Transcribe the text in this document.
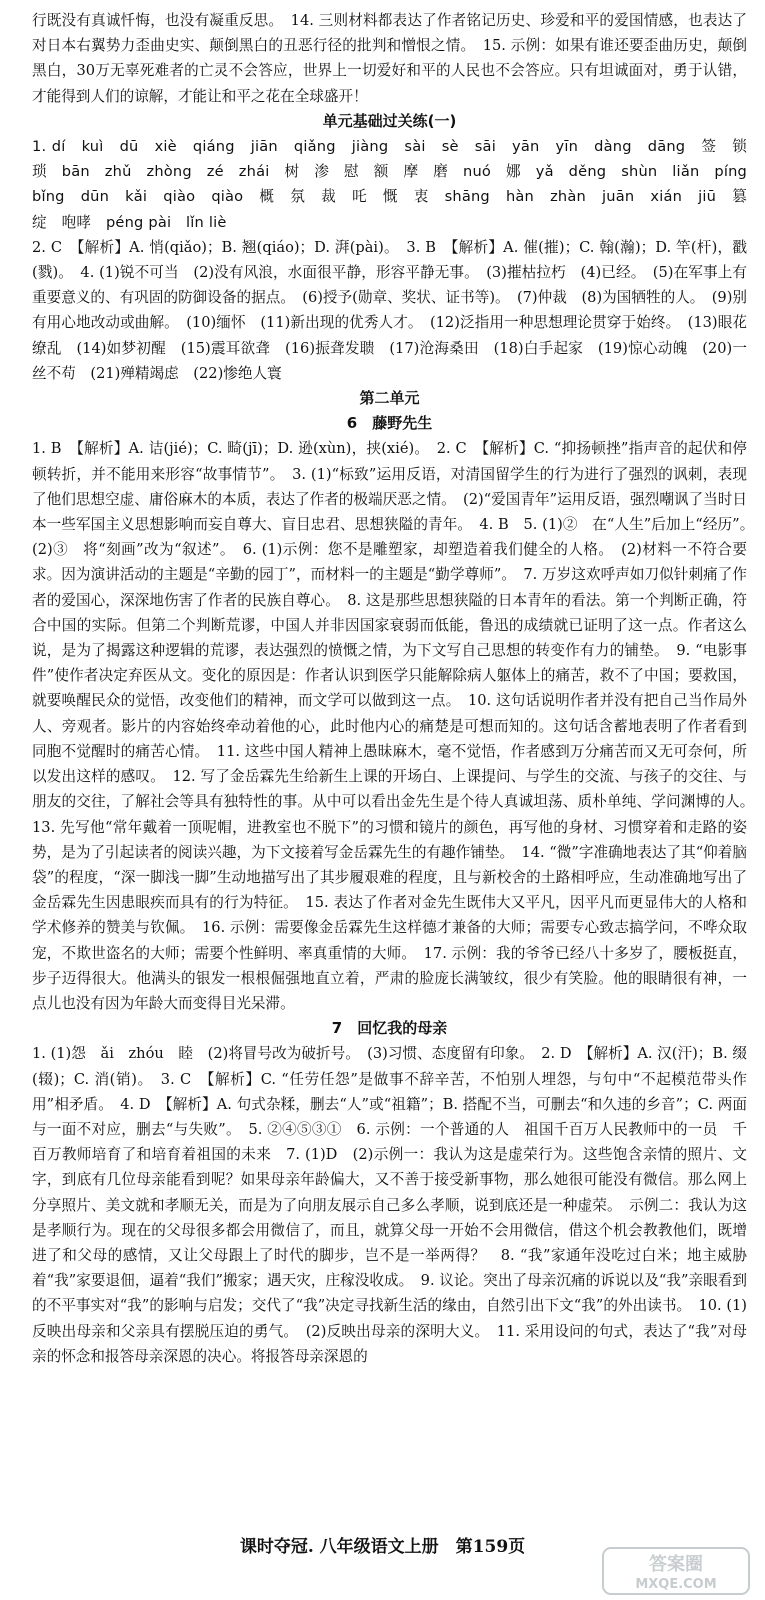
行既没有真诚忏悔，也没有凝重反思。　14. 三则材料都表达了作者铭记历史、珍爱和平的爱国情感，也表达了对日本右翼势力歪曲史实、颠倒黑白的丑恶行径的批判和憎恨之情。　15. 示例：如果有谁还要歪曲历史，颠倒黑白，30万无辜死难者的亡灵不会答应，世界上一切爱好和平的人民也不会答应。只有坦诚面对，勇于认错，才能得到人们的谅解，才能让和平之花在全球盛开！
单元基础过关练(一)
1. dí　kuì　dū　xiè　qiáng　jiān　qiǎng　jiàng　sài　sè　sāi　yān　yīn　dàng　dāng　签　锁　琐　bān　zhǔ　zhòng　zé　zhái　树　渗　慰　额　摩　磨　nuó　娜　yǎ　děng　shùn　liǎn　píng　bǐng　dūn　kǎi　qiào　qiào　概　氛　裁　吒　慨　衷　shāng　hàn　zhàn　juān　xián　jiū　篡　绽　咆哮　péng pài　lǐn liè
2. C　【解析】A. 悄(qiǎo)；B. 翘(qiáo)；D. 湃(pài)。　3. B　【解析】A. 催(摧)；C. 翰(瀚)；D. 竿(杆)，戳(戮)。　4. (1)锐不可当　(2)没有风浪，水面很平静，形容平静无事。　(3)摧枯拉朽　(4)已经。　(5)在军事上有重要意义的、有巩固的防御设备的据点。　(6)授予(勋章、奖状、证书等)。　(7)仲裁　(8)为国牺牲的人。　(9)别有用心地改动或曲解。　(10)缅怀　(11)新出现的优秀人才。　(12)泛指用一种思想理论贯穿于始终。　(13)眼花缭乱　(14)如梦初醒　(15)震耳欲聋　(16)振聋发聩　(17)沧海桑田　(18)白手起家　(19)惊心动魄　(20)一丝不苟　(21)殚精竭虑　(22)惨绝人寰
第二单元
6　藤野先生
1. B　【解析】A. 诘(jié)；C. 畸(jī)；D. 逊(xùn)，挟(xié)。　2. C　【解析】C. “抑扬顿挫”指声音的起伏和停顿转折，并不能用来形容“故事情节”。　3. (1)“标致”运用反语，对清国留学生的行为进行了强烈的讽刺，表现了他们思想空虚、庸俗麻木的本质，表达了作者的极端厌恶之情。　(2)“爱国青年”运用反语，强烈嘲讽了当时日本一些军国主义思想影响而妄自尊大、盲目忠君、思想狭隘的青年。　4. B　5. (1)②　在“人生”后加上“经历”。　(2)③　将“刻画”改为“叙述”。　6. (1)示例：您不是雕塑家，却塑造着我们健全的人格。　(2)材料一不符合要求。因为演讲活动的主题是“辛勤的园丁”，而材料一的主题是“勤学尊师”。　7. 万岁这欢呼声如刀似针刺痛了作者的爱国心，深深地伤害了作者的民族自尊心。　8. 这是那些思想狭隘的日本青年的看法。第一个判断正确，符合中国的实际。但第二个判断荒谬，中国人并非因国家衰弱而低能，鲁迅的成绩就已证明了这一点。作者这么说，是为了揭露这种逻辑的荒谬，表达强烈的愤慨之情，为下文写自己思想的转变作有力的铺垫。　9. “电影事件”使作者决定弃医从文。变化的原因是：作者认识到医学只能解除病人躯体上的痛苦，救不了中国；要救国，就要唤醒民众的觉悟，改变他们的精神，而文学可以做到这一点。　10. 这句话说明作者并没有把自己当作局外人、旁观者。影片的内容始终牵动着他的心，此时他内心的痛楚是可想而知的。这句话含蓄地表明了作者看到同胞不觉醒时的痛苦心情。　11. 这些中国人精神上愚昧麻木，毫不觉悟，作者感到万分痛苦而又无可奈何，所以发出这样的感叹。　12. 写了金岳霖先生给新生上课的开场白、上课提问、与学生的交流、与孩子的交往、与朋友的交往，了解社会等具有独特性的事。从中可以看出金先生是个待人真诚坦荡、质朴单纯、学问渊博的人。　13. 先写他“常年戴着一顶呢帽，进教室也不脱下”的习惯和镜片的颜色，再写他的身材、习惯穿着和走路的姿势，是为了引起读者的阅读兴趣，为下文接着写金岳霖先生的有趣作铺垫。　14. “微”字准确地表达了其“仰着脑袋”的程度，“深一脚浅一脚”生动地描写出了其步履艰难的程度，且与新校舍的土路相呼应，生动准确地写出了金岳霖先生因患眼疾而具有的行为特征。　15. 表达了作者对金先生既伟大又平凡，因平凡而更显伟大的人格和学术修养的赞美与钦佩。　16. 示例：需要像金岳霖先生这样德才兼备的大师；需要专心致志搞学问，不哗众取宠，不欺世盗名的大师；需要个性鲜明、率真重情的大师。　17. 示例：我的爷爷已经八十多岁了，腰板挺直，步子迈得很大。他满头的银发一根根倔强地直立着，严肃的脸庞长满皱纹，很少有笑脸。他的眼睛很有神，一点儿也没有因为年龄大而变得目光呆滞。
7　回忆我的母亲
1. (1)怨　ǎi　zhóu　睦　(2)将冒号改为破折号。　(3)习惯、态度留有印象。　2. D　【解析】A. 汉(汗)；B. 缀(辍)；C. 消(销)。　3. C　【解析】C. “任劳任怨”是做事不辞辛苦，不怕别人埋怨，与句中“不起模范带头作用”相矛盾。　4. D　【解析】A. 句式杂糅，删去“人”或“祖籍”；B. 搭配不当，可删去“和久违的乡音”；C. 两面与一面不对应，删去“与失败”。　5. ②④⑤③①　6. 示例：一个普通的人　祖国千百万人民教师中的一员　千百万教师培育了和培育着祖国的未来　7. (1)D　(2)示例一：我认为这是虚荣行为。这些饱含亲情的照片、文字，到底有几位母亲能看到呢？如果母亲年龄偏大，又不善于接受新事物，那么她很可能没有微信。那么网上分享照片、美文就和孝顺无关，而是为了向朋友展示自己多么孝顺，说到底还是一种虚荣。　示例二：我认为这是孝顺行为。现在的父母很多都会用微信了，而且，就算父母一开始不会用微信，借这个机会教教他们，既增进了和父母的感情，又让父母跟上了时代的脚步，岂不是一举两得？　8. “我”家通年没吃过白米；地主威胁着“我”家要退佃，逼着“我们”搬家；遇天灾，庄稼没收成。　9. 议论。突出了母亲沉痛的诉说以及“我”亲眼看到的不平事实对“我”的影响与启发；交代了“我”决定寻找新生活的缘由，自然引出下文“我”的外出读书。　10. (1)反映出母亲和父亲具有摆脱压迫的勇气。　(2)反映出母亲的深明大义。　11. 采用设问的句式，表达了“我”对母亲的怀念和报答母亲深恩的决心。将报答母亲深恩的
课时夺冠. 八年级语文上册　第159页
答案圈
MXQE.COM
